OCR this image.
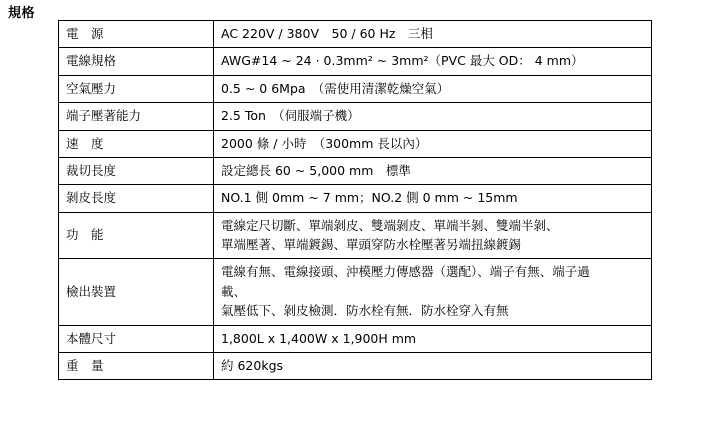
規格
電　源	AC 220V / 380V　50 / 60 Hz　三相

電線規格	AWG#14 ~ 24 · 0.3mm² ~ 3mm²（PVC 最大 OD： 4 mm）

空氣壓力	0.5 ~ 0 6Mpa　（需使用清潔乾燥空氣）

端子壓著能力	2.5 Ton　（伺服端子機）

速　度	2000 條 / 小時　（300mm 長以內）

裁切長度	設定總長 60 ~ 5,000 mm　標準

剝皮長度	NO.1 側 0mm ~ 7 mm；NO.2 側 0 mm ~ 15mm

功　能	電線定尺切斷、單端剝皮、雙端剝皮、單端半剝、雙端半剝、
單端壓著、單端鍍錫、單頭穿防水栓壓著另端扭線鍍錫

檢出裝置	電線有無、電線接頭、沖模壓力傳感器（選配）、端子有無、端子過
載、
氣壓低下、剝皮檢測．防水栓有無．防水栓穿入有無

本體尺寸	1,800L x 1,400W x 1,900H mm

重　量	約 620kgs
